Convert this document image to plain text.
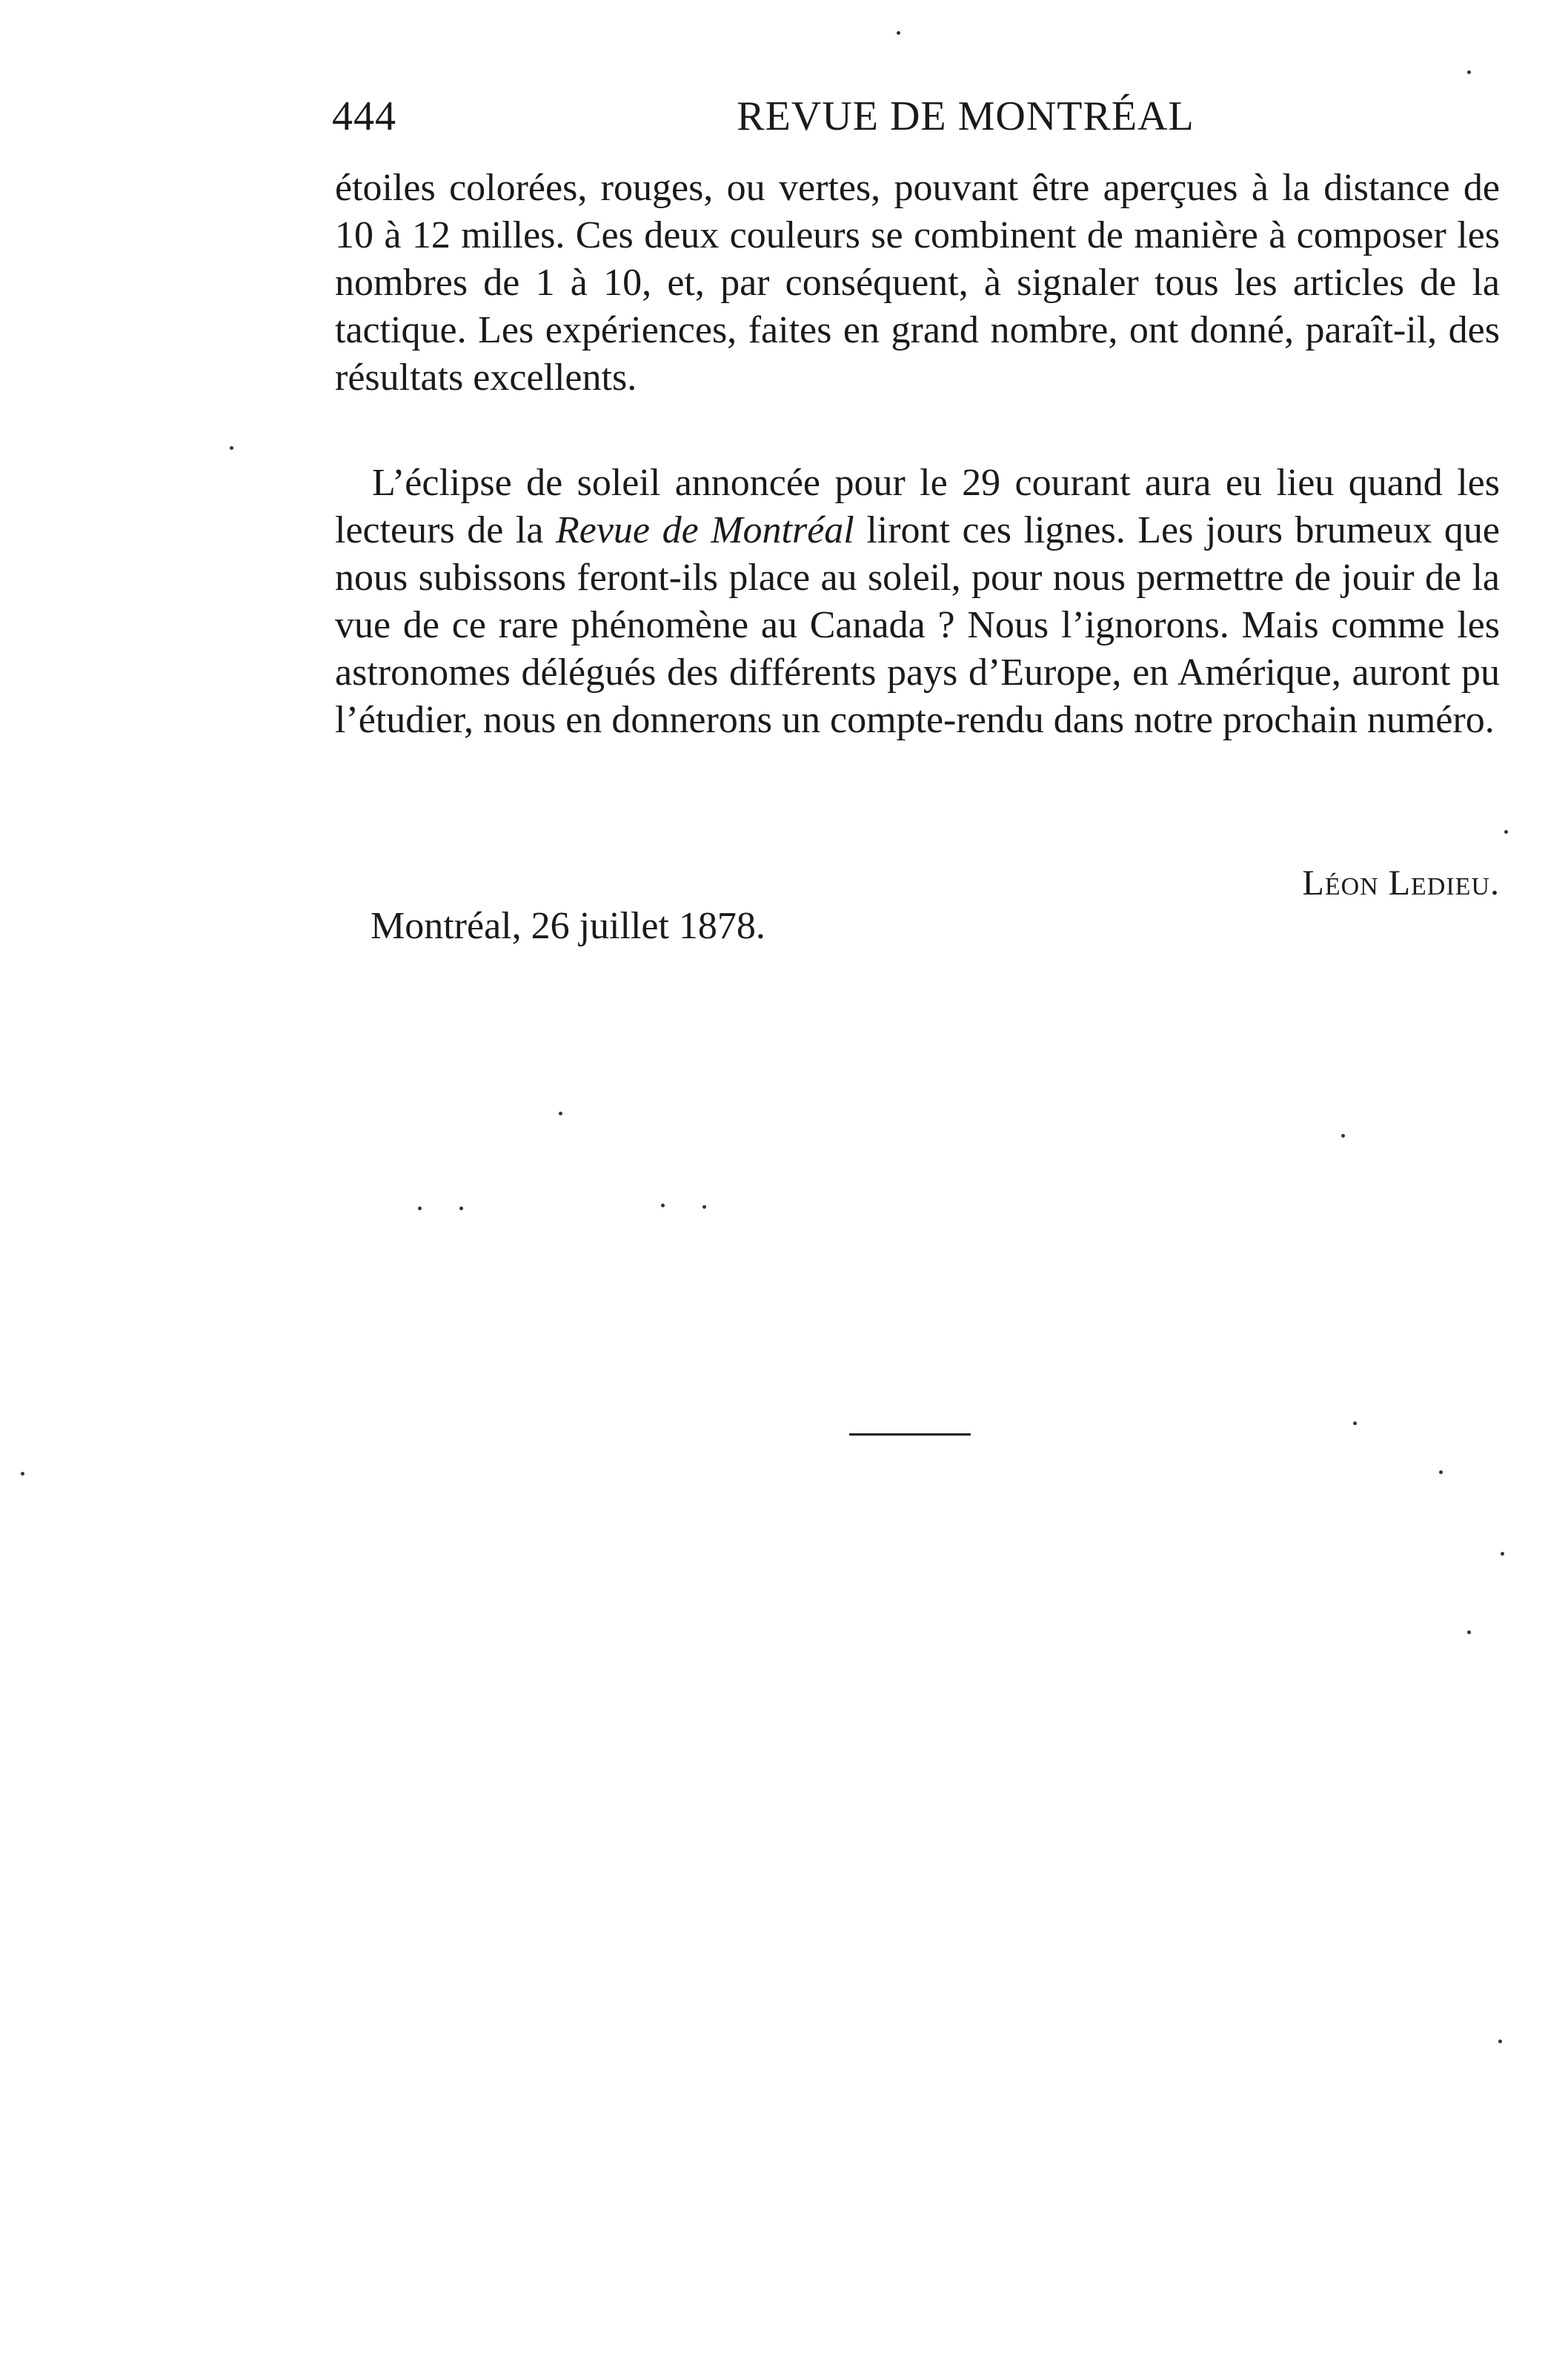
444	REVUE DE MONTRÉAL

étoiles colorées, rouges, ou vertes, pouvant être aperçues à la distance de 10 à 12 milles. Ces deux couleurs se combinent de manière à composer les nombres de 1 à 10, et, par conséquent, à signaler tous les articles de la tactique. Les expériences, faites en grand nombre, ont donné, paraît-il, des résultats excellents.

L’éclipse de soleil annoncée pour le 29 courant aura eu lieu quand les lecteurs de la Revue de Montréal liront ces lignes. Les jours brumeux que nous subissons feront-ils place au soleil, pour nous permettre de jouir de la vue de ce rare phénomène au Canada ? Nous l’ignorons. Mais comme les astronomes délégués des différents pays d’Europe, en Amérique, auront pu l’étudier, nous en donnerons un compte-rendu dans notre prochain numéro.

Léon Ledieu.
Montréal, 26 juillet 1878.
